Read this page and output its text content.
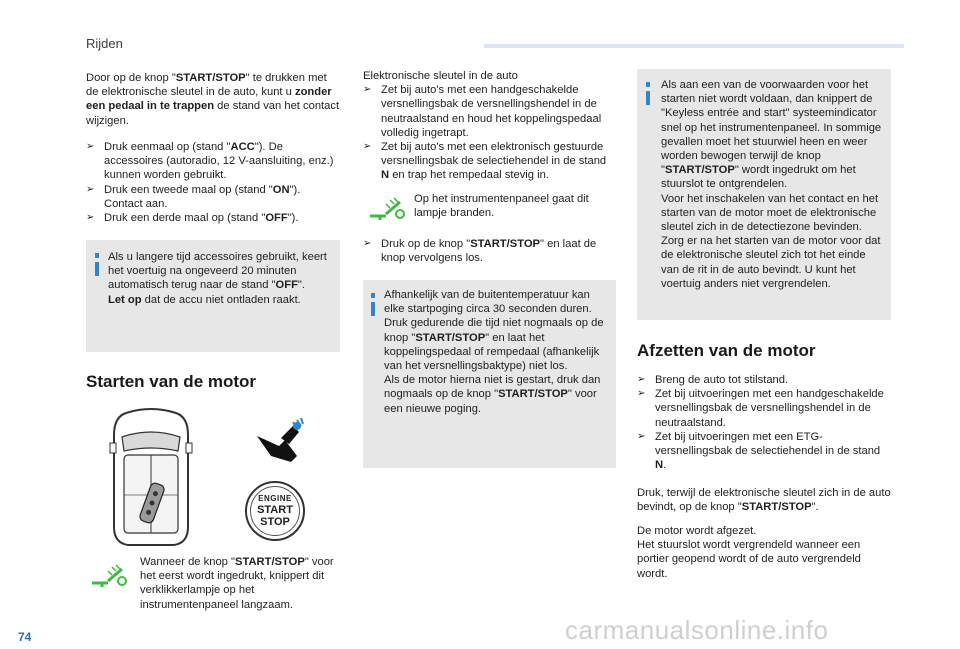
Rijden

Door op de knop "START/STOP" te drukken met de elektronische sleutel in de auto, kunt u zonder een pedaal in te trappen de stand van het contact wijzigen.

➢ Druk eenmaal op (stand "ACC"). De accessoires (autoradio, 12 V-aansluiting, enz.) kunnen worden gebruikt.
➢ Druk een tweede maal op (stand "ON"). Contact aan.
➢ Druk een derde maal op (stand "OFF").

Als u langere tijd accessoires gebruikt, keert het voertuig na ongeveerd 20 minuten automatisch terug naar de stand "OFF".
Let op dat de accu niet ontladen raakt.

Starten van de motor
ENGINE
START
STOP

Wanneer de knop "START/STOP" voor het eerst wordt ingedrukt, knippert dit verklikkerlampje op het instrumentenpaneel langzaam.

Elektronische sleutel in de auto

➢ Zet bij auto's met een handgeschakelde versnellingsbak de versnellingshendel in de neutraalstand en houd het koppelingspedaal volledig ingetrapt.
➢ Zet bij auto's met een elektronisch gestuurde versnellingsbak de selectiehendel in de stand N en trap het rempedaal stevig in.
Op het instrumentenpaneel gaat dit lampje branden.
➢ Druk op de knop "START/STOP" en laat de knop vervolgens los.

Afhankelijk van de buitentemperatuur kan elke startpoging circa 30 seconden duren. Druk gedurende die tijd niet nogmaals op de knop "START/STOP" en laat het koppelingspedaal of rempedaal (afhankelijk van het versnellingsbaktype) niet los.

Als de motor hierna niet is gestart, druk dan nogmaals op de knop "START/STOP" voor een nieuwe poging.

Als aan een van de voorwaarden voor het starten niet wordt voldaan, dan knippert de "Keyless entrée and start" systeemindicator snel op het instrumentenpaneel. In sommige gevallen moet het stuurwiel heen en weer worden bewogen terwijl de knop "START/STOP" wordt ingedrukt om het stuurslot te ontgrendelen.

Voor het inschakelen van het contact en het starten van de motor moet de elektronische sleutel zich in de detectiezone bevinden. Zorg er na het starten van de motor voor dat de elektronische sleutel zich tot het einde van de rit in de auto bevindt. U kunt het voertuig anders niet vergrendelen.

Afzetten van de motor
➢ Breng de auto tot stilstand.
➢ Zet bij uitvoeringen met een handgeschakelde versnellingsbak de versnellingshendel in de neutraalstand.
➢ Zet bij uitvoeringen met een ETG-versnellingsbak de selectiehendel in de stand N.

Druk, terwijl de elektronische sleutel zich in de auto bevindt, op de knop "START/STOP".

De motor wordt afgezet.

Het stuurslot wordt vergrendeld wanneer een portier geopend wordt of de auto vergrendeld wordt.

74	carmanualsonline.info
